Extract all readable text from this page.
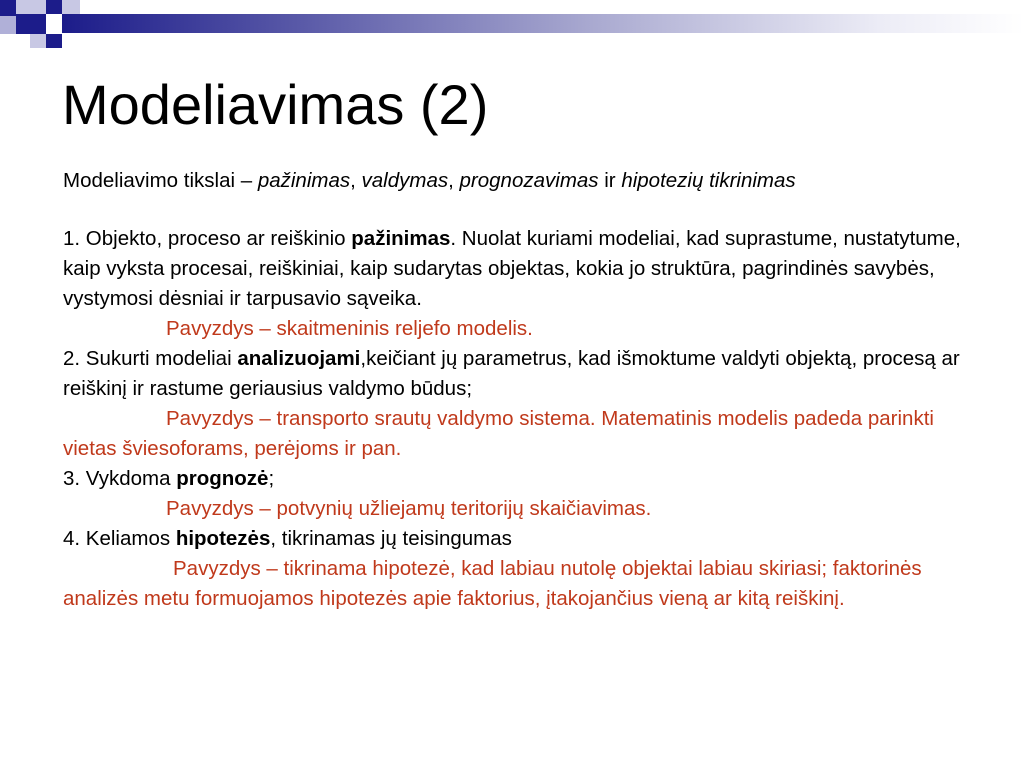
Modeliavimas (2)

Modeliavimo tikslai – pažinimas, valdymas, prognozavimas ir hipotezių tikrinimas

1. Objekto, proceso ar reiškinio pažinimas. Nuolat kuriami modeliai, kad suprastume, nustatytume, kaip vyksta procesai, reiškiniai, kaip sudarytas objektas, kokia jo struktūra, pagrindinės savybės, vystymosi dėsniai ir tarpusavio sąveika.

Pavyzdys – skaitmeninis reljefo modelis.

2. Sukurti modeliai analizuojami,keičiant jų parametrus, kad išmoktume valdyti objektą, procesą ar reiškinį ir rastume geriausius valdymo būdus;

Pavyzdys – transporto srautų valdymo sistema. Matematinis modelis padeda parinkti vietas šviesoforams, perėjoms ir pan.

3. Vykdoma prognozė;

Pavyzdys – potvynių užliejamų teritorijų skaičiavimas.

4. Keliamos hipotezės, tikrinamas jų teisingumas

Pavyzdys – tikrinama hipotezė, kad labiau nutolę objektai labiau skiriasi; faktorinės analizės metu formuojamos hipotezės apie faktorius, įtakojančius vieną ar kitą reiškinį.
